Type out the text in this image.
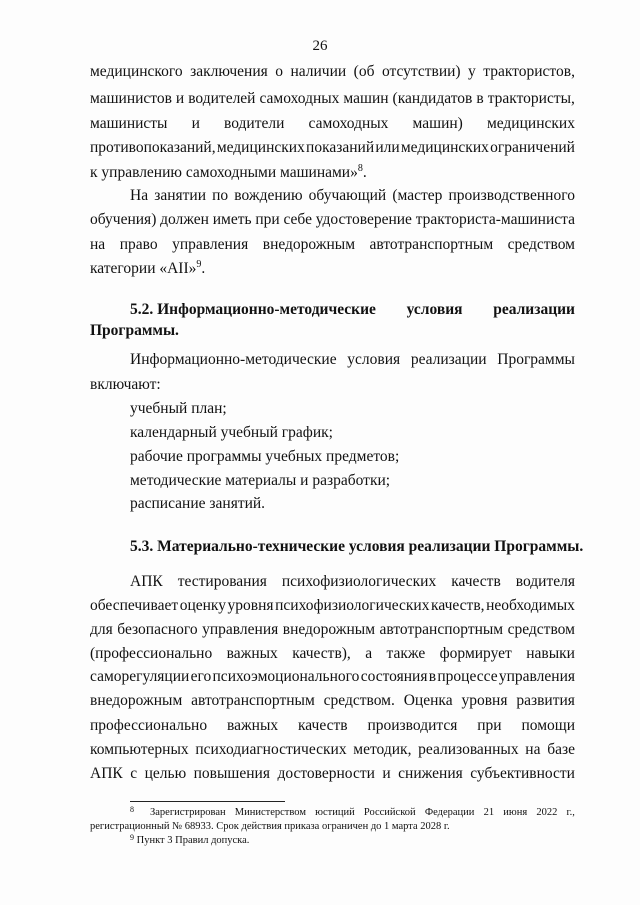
26
медицинского заключения о наличии (об отсутствии) у трактористов,
машинистов и водителей самоходных машин (кандидатов в трактористы,
машинисты и водители самоходных машин) медицинских
противопоказаний, медицинских показаний или медицинских ограничений
к управлению самоходными машинами»$^8$.
На занятии по вождению обучающий (мастер производственного
обучения) должен иметь при себе удостоверение тракториста-машиниста
на право управления внедорожным автотранспортным средством
категории «AII»$^9$.
5.2. Информационно-методические условия реализации
Программы.
Информационно-методические условия реализации Программы
включают:
учебный план;
календарный учебный график;
рабочие программы учебных предметов;
методические материалы и разработки;
расписание занятий.
5.3. Материально-технические условия реализации Программы.
АПК тестирования психофизиологических качеств водителя
обеспечивает оценку уровня психофизиологических качеств, необходимых
для безопасного управления внедорожным автотранспортным средством
(профессионально важных качеств), а также формирует навыки
саморегуляции его психоэмоционального состояния в процессе управления
внедорожным автотранспортным средством. Оценка уровня развития
профессионально важных качеств производится при помощи
компьютерных психодиагностических методик, реализованных на базе
АПК с целью повышения достоверности и снижения субъективности
8 Зарегистрирован Министерством юстиций Российской Федерации 21 июня 2022 г.,
регистрационный № 68933. Срок действия приказа ограничен до 1 марта 2028 г.
$^9$ Пункт 3 Правил допуска.
